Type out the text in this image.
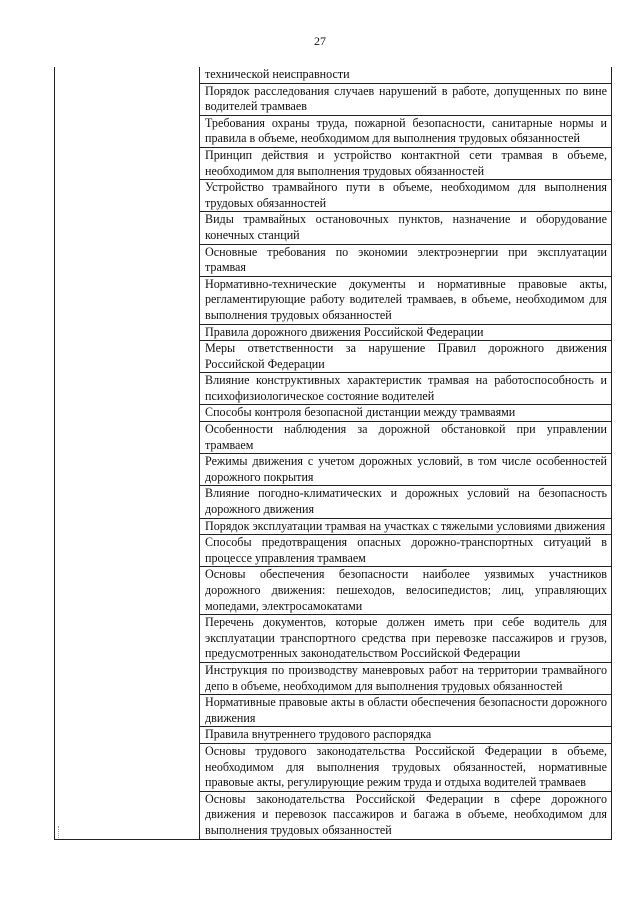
27
технической неисправности
Порядок расследования случаев нарушений в работе, допущенных по вине водителей трамваев
Требования охраны труда, пожарной безопасности, санитарные нормы и правила в объеме, необходимом для выполнения трудовых обязанностей
Принцип действия и устройство контактной сети трамвая в объеме, необходимом для выполнения трудовых обязанностей
Устройство трамвайного пути в объеме, необходимом для выполнения трудовых обязанностей
Виды трамвайных остановочных пунктов, назначение и оборудование конечных станций
Основные требования по экономии электроэнергии при эксплуатации трамвая
Нормативно-технические документы и нормативные правовые акты, регламентирующие работу водителей трамваев, в объеме, необходимом для выполнения трудовых обязанностей
Правила дорожного движения Российской Федерации
Меры ответственности за нарушение Правил дорожного движения Российской Федерации
Влияние конструктивных характеристик трамвая на работоспособность и психофизиологическое состояние водителей
Способы контроля безопасной дистанции между трамваями
Особенности наблюдения за дорожной обстановкой при управлении трамваем
Режимы движения с учетом дорожных условий, в том числе особенностей дорожного покрытия
Влияние погодно-климатических и дорожных условий на безопасность дорожного движения
Порядок эксплуатации трамвая на участках с тяжелыми условиями движения
Способы предотвращения опасных дорожно-транспортных ситуаций в процессе управления трамваем
Основы обеспечения безопасности наиболее уязвимых участников дорожного движения: пешеходов, велосипедистов; лиц, управляющих мопедами, электросамокатами
Перечень документов, которые должен иметь при себе водитель для эксплуатации транспортного средства при перевозке пассажиров и грузов, предусмотренных законодательством Российской Федерации
Инструкция по производству маневровых работ на территории трамвайного депо в объеме, необходимом для выполнения трудовых обязанностей
Нормативные правовые акты в области обеспечения безопасности дорожного движения
Правила внутреннего трудового распорядка
Основы трудового законодательства Российской Федерации в объеме, необходимом для выполнения трудовых обязанностей, нормативные правовые акты, регулирующие режим труда и отдыха водителей трамваев
Основы законодательства Российской Федерации в сфере дорожного движения и перевозок пассажиров и багажа в объеме, необходимом для выполнения трудовых обязанностей
